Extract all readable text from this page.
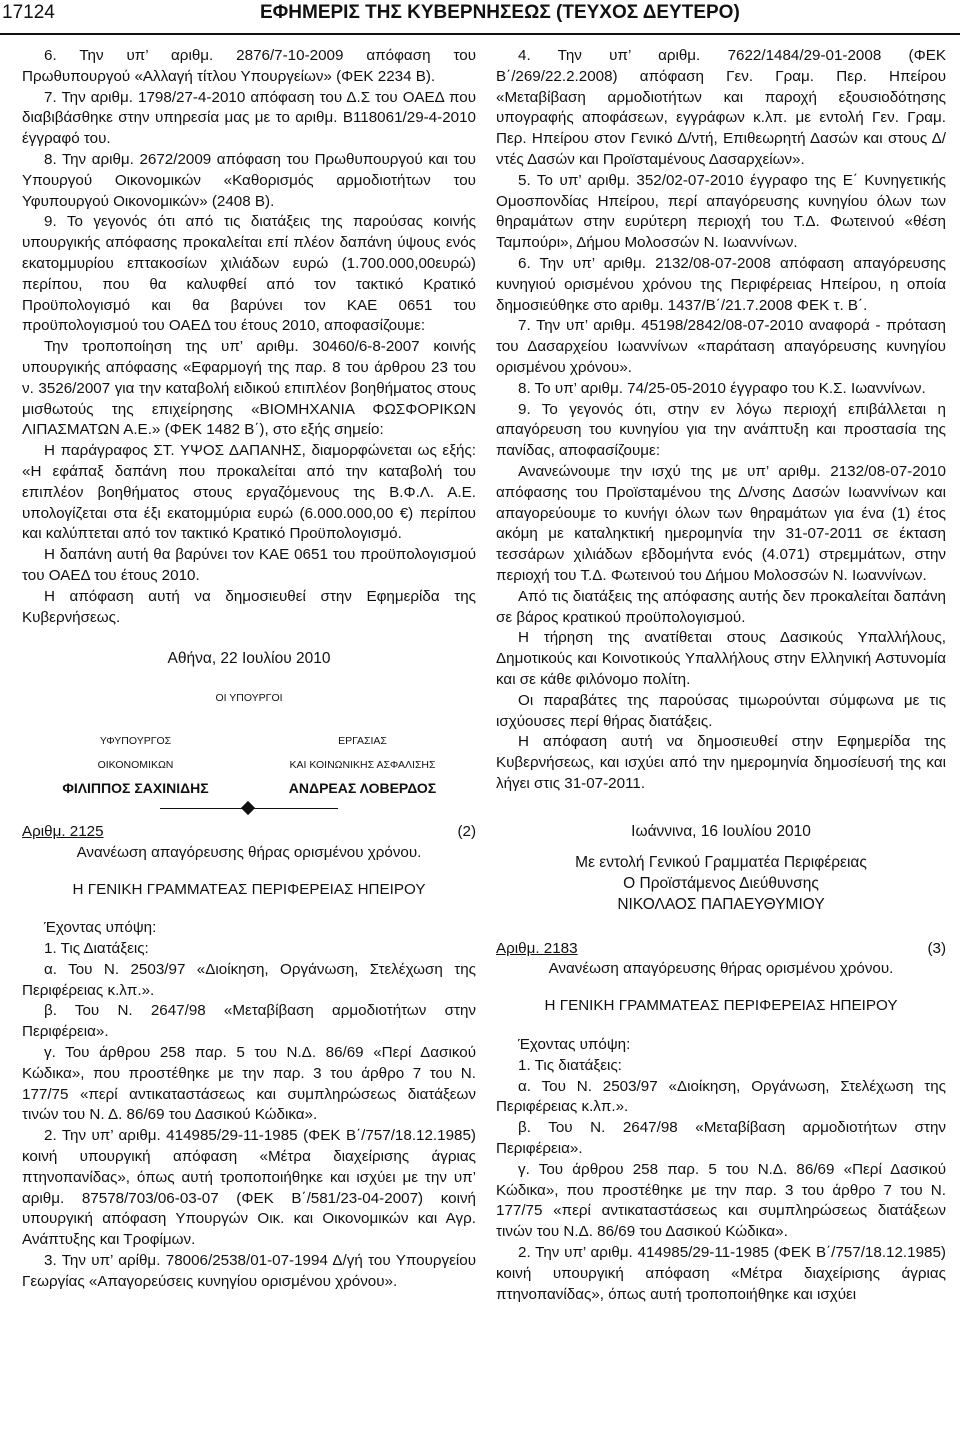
17124	ΕΦΗΜΕΡΙΣ ΤΗΣ ΚΥΒΕΡΝΗΣΕΩΣ (ΤΕΥΧΟΣ ΔΕΥΤΕΡΟ)

6. Την υπ’ αριθμ. 2876/7-10-2009 απόφαση του Πρωθυπουργού «Αλλαγή τίτλου Υπουργείων» (ΦΕΚ 2234 Β).

7. Την αριθμ. 1798/27-4-2010 απόφαση του Δ.Σ του ΟΑΕΔ που διαβιβάσθηκε στην υπηρεσία μας με το αριθμ. Β118061/29-4-2010 έγγραφό του.

8. Την αριθμ. 2672/2009 απόφαση του Πρωθυπουργού και του Υπουργού Οικονομικών «Καθορισμός αρμοδιοτήτων του Υφυπουργού Οικονομικών» (2408 Β).

9. Το γεγονός ότι από τις διατάξεις της παρούσας κοινής υπουργικής απόφασης προκαλείται επί πλέον δαπάνη ύψους ενός εκατομμυρίου επτακοσίων χιλιάδων ευρώ (1.700.000,00ευρώ) περίπου, που θα καλυφθεί από τον τακτικό Κρατικό Προϋπολογισμό και θα βαρύνει τον ΚΑΕ 0651 του προϋπολογισμού του ΟΑΕΔ του έτους 2010, αποφασίζουμε:

Την τροποποίηση της υπ’ αριθμ. 30460/6-8-2007 κοινής υπουργικής απόφασης «Εφαρμογή της παρ. 8 του άρθρου 23 του ν. 3526/2007 για την καταβολή ειδικού επιπλέον βοηθήματος στους μισθωτούς της επιχείρησης «ΒΙΟΜΗΧΑΝΙΑ ΦΩΣΦΟΡΙΚΩΝ ΛΙΠΑΣΜΑΤΩΝ Α.Ε.» (ΦΕΚ 1482 Β΄), στο εξής σημείο:

Η παράγραφος ΣΤ. ΥΨΟΣ ΔΑΠΑΝΗΣ, διαμορφώνεται ως εξής: «Η εφάπαξ δαπάνη που προκαλείται από την καταβολή του επιπλέον βοηθήματος στους εργαζόμενους της Β.Φ.Λ. Α.Ε. υπολογίζεται στα έξι εκατομμύρια ευρώ (6.000.000,00 €) περίπου και καλύπτεται από τον τακτικό Κρατικό Προϋπολογισμό.

Η δαπάνη αυτή θα βαρύνει τον ΚΑΕ 0651 του προϋπολογισμού του ΟΑΕΔ του έτους 2010.

Η απόφαση αυτή να δημοσιευθεί στην Εφημερίδα της Κυβερνήσεως.

Αθήνα, 22 Ιουλίου 2010
ΟΙ ΥΠΟΥΡΓΟΙ
ΥΦΥΠΟΥΡΓΟΣ	ΕΡΓΑΣΙΑΣ
ΟΙΚΟΝΟΜΙΚΩΝ	ΚΑΙ ΚΟΙΝΩΝΙΚΗΣ ΑΣΦΑΛΙΣΗΣ
ΦΙΛΙΠΠΟΣ ΣΑΧΙΝΙΔΗΣ	ΑΝΔΡΕΑΣ ΛΟΒΕΡΔΟΣ
Αριθμ. 2125	(2)

Ανανέωση απαγόρευσης θήρας ορισμένου χρόνου.

Η ΓΕΝΙΚΗ ΓΡΑΜΜΑΤΕΑΣ ΠΕΡΙΦΕΡΕΙΑΣ ΗΠΕΙΡΟΥ

Έχοντας υπόψη:

1. Τις Διατάξεις:

α. Του Ν. 2503/97 «Διοίκηση, Οργάνωση, Στελέχωση της Περιφέρειας κ.λπ.».

β. Του Ν. 2647/98 «Μεταβίβαση αρμοδιοτήτων στην Περιφέρεια».

γ. Του άρθρου 258 παρ. 5 του Ν.Δ. 86/69 «Περί Δασικού Κώδικα», που προστέθηκε με την παρ. 3 του άρθρο 7 του Ν. 177/75 «περί αντικαταστάσεως και συμπληρώσεως διατάξεων τινών του Ν. Δ. 86/69 του Δασικού Κώδικα».

2. Την υπ’ αριθμ. 414985/29-11-1985 (ΦΕΚ Β΄/757/18.12.1985) κοινή υπουργική απόφαση «Μέτρα διαχείρισης άγριας πτηνοπανίδας», όπως αυτή τροποποιήθηκε και ισχύει με την υπ’ αριθμ. 87578/703/06-03-07 (ΦΕΚ Β΄/581/23-04-2007) κοινή υπουργική απόφαση Υπουργών Οικ. και Οικονομικών και Αγρ. Ανάπτυξης και Τροφίμων.

3. Την υπ’ αρίθμ. 78006/2538/01-07-1994 Δ/γή του Υπουργείου Γεωργίας «Απαγορεύσεις κυνηγίου ορισμένου χρόνου».

4. Την υπ’ αριθμ. 7622/1484/29-01-2008 (ΦΕΚ Β΄/269/22.2.2008) απόφαση Γεν. Γραμ. Περ. Ηπείρου «Μεταβίβαση αρμοδιοτήτων και παροχή εξουσιοδότησης υπογραφής αποφάσεων, εγγράφων κ.λπ. με εντολή Γεν. Γραμ. Περ. Ηπείρου στον Γενικό Δ/ντή, Επιθεωρητή Δασών και στους Δ/ντές Δασών και Προϊσταμένους Δασαρχείων».

5. Το υπ’ αριθμ. 352/02-07-2010 έγγραφο της Ε΄ Κυνηγετικής Ομοσπονδίας Ηπείρου, περί απαγόρευσης κυνηγίου όλων των θηραμάτων στην ευρύτερη περιοχή του Τ.Δ. Φωτεινού «θέση Ταμπούρι», Δήμου Μολοσσών Ν. Ιωαννίνων.

6. Την υπ’ αριθμ. 2132/08-07-2008 απόφαση απαγόρευσης κυνηγιού ορισμένου χρόνου της Περιφέρειας Ηπείρου, η οποία δημοσιεύθηκε στο αριθμ. 1437/Β΄/21.7.2008 ΦΕΚ τ. Β΄.

7. Την υπ’ αριθμ. 45198/2842/08-07-2010 αναφορά - πρόταση του Δασαρχείου Ιωαννίνων «παράταση απαγόρευσης κυνηγίου ορισμένου χρόνου».

8. Το υπ’ αριθμ. 74/25-05-2010 έγγραφο του Κ.Σ. Ιωαννίνων.

9. Το γεγονός ότι, στην εν λόγω περιοχή επιβάλλεται η απαγόρευση του κυνηγίου για την ανάπτυξη και προστασία της πανίδας, αποφασίζουμε:

Ανανεώνουμε την ισχύ της με υπ’ αριθμ. 2132/08-07-2010 απόφασης του Προϊσταμένου της Δ/νσης Δασών Ιωαννίνων και απαγορεύουμε το κυνήγι όλων των θηραμάτων για ένα (1) έτος ακόμη με καταληκτική ημερομηνία την 31-07-2011 σε έκταση τεσσάρων χιλιάδων εβδομήντα ενός (4.071) στρεμμάτων, στην περιοχή του Τ.Δ. Φωτεινού του Δήμου Μολοσσών Ν. Ιωαννίνων.

Από τις διατάξεις της απόφασης αυτής δεν προκαλείται δαπάνη σε βάρος κρατικού προϋπολογισμού.

Η τήρηση της ανατίθεται στους Δασικούς Υπαλλήλους, Δημοτικούς και Κοινοτικούς Υπαλλήλους στην Ελληνική Αστυνομία και σε κάθε φιλόνομο πολίτη.

Οι παραβάτες της παρούσας τιμωρούνται σύμφωνα με τις ισχύουσες περί θήρας διατάξεις.

Η απόφαση αυτή να δημοσιευθεί στην Εφημερίδα της Κυβερνήσεως, και ισχύει από την ημερομηνία δημοσίευσή της και λήγει στις 31-07-2011.

Ιωάννινα, 16 Ιουλίου 2010
Με εντολή Γενικού Γραμματέα Περιφέρειας
Ο Προϊστάμενος Διεύθυνσης
ΝΙΚΟΛΑΟΣ ΠΑΠΑΕΥΘΥΜΙΟΥ
Αριθμ. 2183	(3)

Ανανέωση απαγόρευσης θήρας ορισμένου χρόνου.

Η ΓΕΝΙΚΗ ΓΡΑΜΜΑΤΕΑΣ ΠΕΡΙΦΕΡΕΙΑΣ ΗΠΕΙΡΟΥ

Έχοντας υπόψη:

1. Τις διατάξεις:

α. Του Ν. 2503/97 «Διοίκηση, Οργάνωση, Στελέχωση της Περιφέρειας κ.λπ.».

β. Του Ν. 2647/98 «Μεταβίβαση αρμοδιοτήτων στην Περιφέρεια».

γ. Του άρθρου 258 παρ. 5 του Ν.Δ. 86/69 «Περί Δασικού Κώδικα», που προστέθηκε με την παρ. 3 του άρθρο 7 του Ν. 177/75 «περί αντικαταστάσεως και συμπληρώσεως διατάξεων τινών του Ν.Δ. 86/69 του Δασικού Κώδικα».

2. Την υπ’ αριθμ. 414985/29-11-1985 (ΦΕΚ Β΄/757/18.12.1985) κοινή υπουργική απόφαση «Μέτρα διαχείρισης άγριας πτηνοπανίδας», όπως αυτή τροποποιήθηκε και ισχύει
